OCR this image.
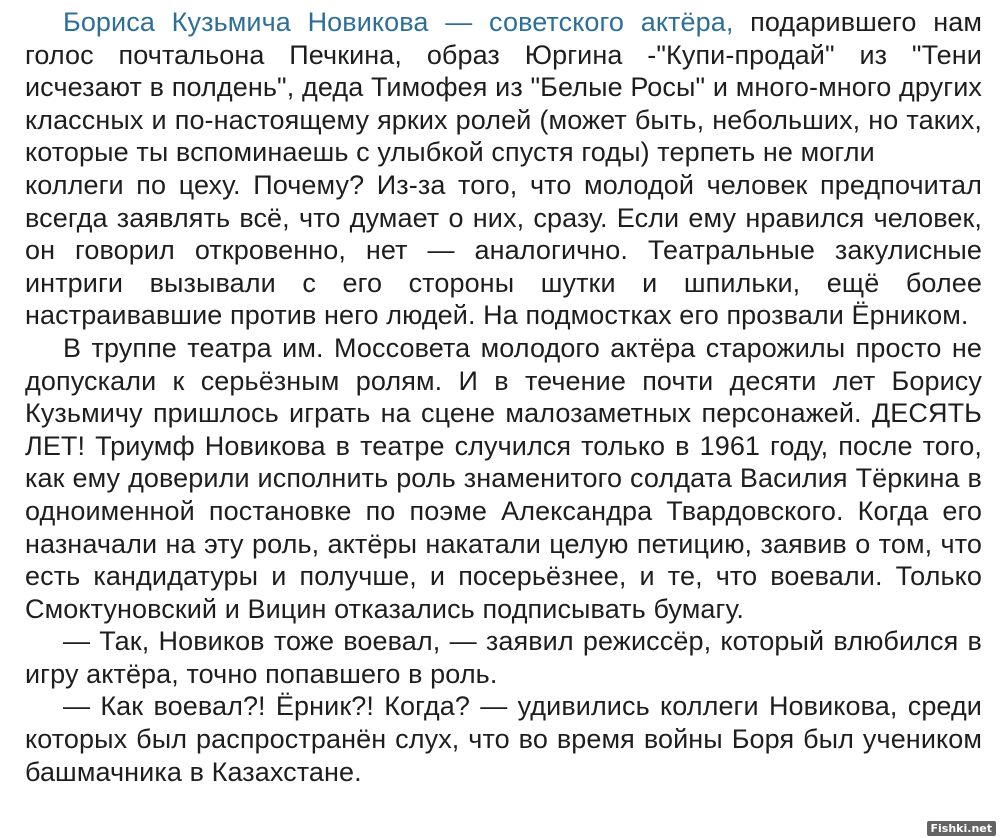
Бориса Кузьмича Новикова — советского актёра, подарившего нам голос почтальона Печкина, образ Юргина -"Купи-продай" из "Тени исчезают в полдень", деда Тимофея из "Белые Росы" и много-много других классных и по-настоящему ярких ролей (может быть, небольших, но таких, которые ты вспоминаешь с улыбкой спустя годы) терпеть не могли

коллеги по цеху. Почему? Из-за того, что молодой человек предпочитал всегда заявлять всё, что думает о них, сразу. Если ему нравился человек, он говорил откровенно, нет — аналогично. Театральные закулисные интриги вызывали с его стороны шутки и шпильки, ещё более настраивавшие против него людей. На подмостках его прозвали Ёрником.

В труппе театра им. Моссовета молодого актёра старожилы просто не допускали к серьёзным ролям. И в течение почти десяти лет Борису Кузьмичу пришлось играть на сцене малозаметных персонажей. ДЕСЯТЬ ЛЕТ! Триумф Новикова в театре случился только в 1961 году, после того, как ему доверили исполнить роль знаменитого солдата Василия Тёркина в одноименной постановке по поэме Александра Твардовского. Когда его назначали на эту роль, актёры накатали целую петицию, заявив о том, что есть кандидатуры и получше, и посерьёзнее, и те, что воевали. Только Смоктуновский и Вицин отказались подписывать бумагу.

— Так, Новиков тоже воевал, — заявил режиссёр, который влюбился в игру актёра, точно попавшего в роль.

— Как воевал?! Ёрник?! Когда? — удивились коллеги Новикова, среди которых был распространён слух, что во время войны Боря был учеником башмачника в Казахстане.

Fishki.net
